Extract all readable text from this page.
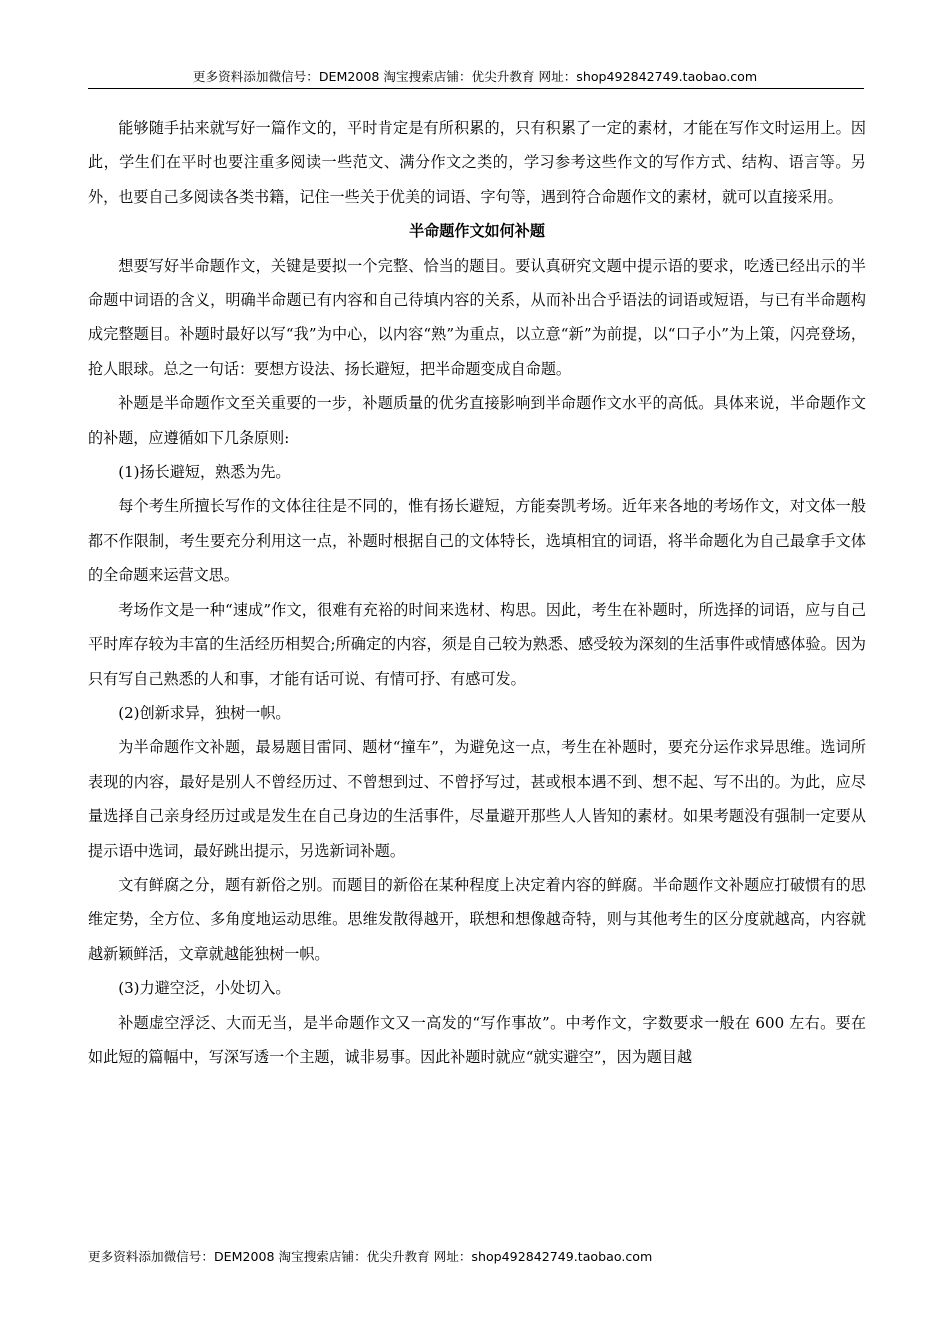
更多资料添加微信号：DEM2008 淘宝搜索店铺：优尖升教育 网址：shop492842749.taobao.com

能够随手拈来就写好一篇作文的，平时肯定是有所积累的，只有积累了一定的素材，才能在写作文时运用上。因此，学生们在平时也要注重多阅读一些范文、满分作文之类的，学习参考这些作文的写作方式、结构、语言等。另外，也要自己多阅读各类书籍，记住一些关于优美的词语、字句等，遇到符合命题作文的素材，就可以直接采用。

半命题作文如何补题

想要写好半命题作文，关键是要拟一个完整、恰当的题目。要认真研究文题中提示语的要求，吃透已经出示的半命题中词语的含义，明确半命题已有内容和自己待填内容的关系，从而补出合乎语法的词语或短语，与已有半命题构成完整题目。补题时最好以写“我”为中心，以内容“熟”为重点，以立意“新”为前提，以“口子小”为上策，闪亮登场，抢人眼球。总之一句话：要想方设法、扬长避短，把半命题变成自命题。

补题是半命题作文至关重要的一步，补题质量的优劣直接影响到半命题作文水平的高低。具体来说，半命题作文的补题，应遵循如下几条原则:

(1)扬长避短，熟悉为先。

每个考生所擅长写作的文体往往是不同的，惟有扬长避短，方能奏凯考场。近年来各地的考场作文，对文体一般都不作限制，考生要充分利用这一点，补题时根据自己的文体特长，选填相宜的词语，将半命题化为自己最拿手文体的全命题来运营文思。

考场作文是一种“速成”作文，很难有充裕的时间来选材、构思。因此，考生在补题时，所选择的词语，应与自己平时库存较为丰富的生活经历相契合;所确定的内容，须是自己较为熟悉、感受较为深刻的生活事件或情感体验。因为只有写自己熟悉的人和事，才能有话可说、有情可抒、有感可发。

(2)创新求异，独树一帜。

为半命题作文补题，最易题目雷同、题材“撞车”，为避免这一点，考生在补题时，要充分运作求异思维。选词所表现的内容，最好是别人不曾经历过、不曾想到过、不曾抒写过，甚或根本遇不到、想不起、写不出的。为此，应尽量选择自己亲身经历过或是发生在自己身边的生活事件，尽量避开那些人人皆知的素材。如果考题没有强制一定要从提示语中选词，最好跳出提示，另选新词补题。

文有鲜腐之分，题有新俗之别。而题目的新俗在某种程度上决定着内容的鲜腐。半命题作文补题应打破惯有的思维定势，全方位、多角度地运动思维。思维发散得越开，联想和想像越奇特，则与其他考生的区分度就越高，内容就越新颖鲜活，文章就越能独树一帜。

(3)力避空泛，小处切入。

补题虚空浮泛、大而无当，是半命题作文又一高发的“写作事故”。中考作文，字数要求一般在 600 左右。要在如此短的篇幅中，写深写透一个主题，诚非易事。因此补题时就应“就实避空”，因为题目越

更多资料添加微信号：DEM2008 淘宝搜索店铺：优尖升教育 网址：shop492842749.taobao.com
